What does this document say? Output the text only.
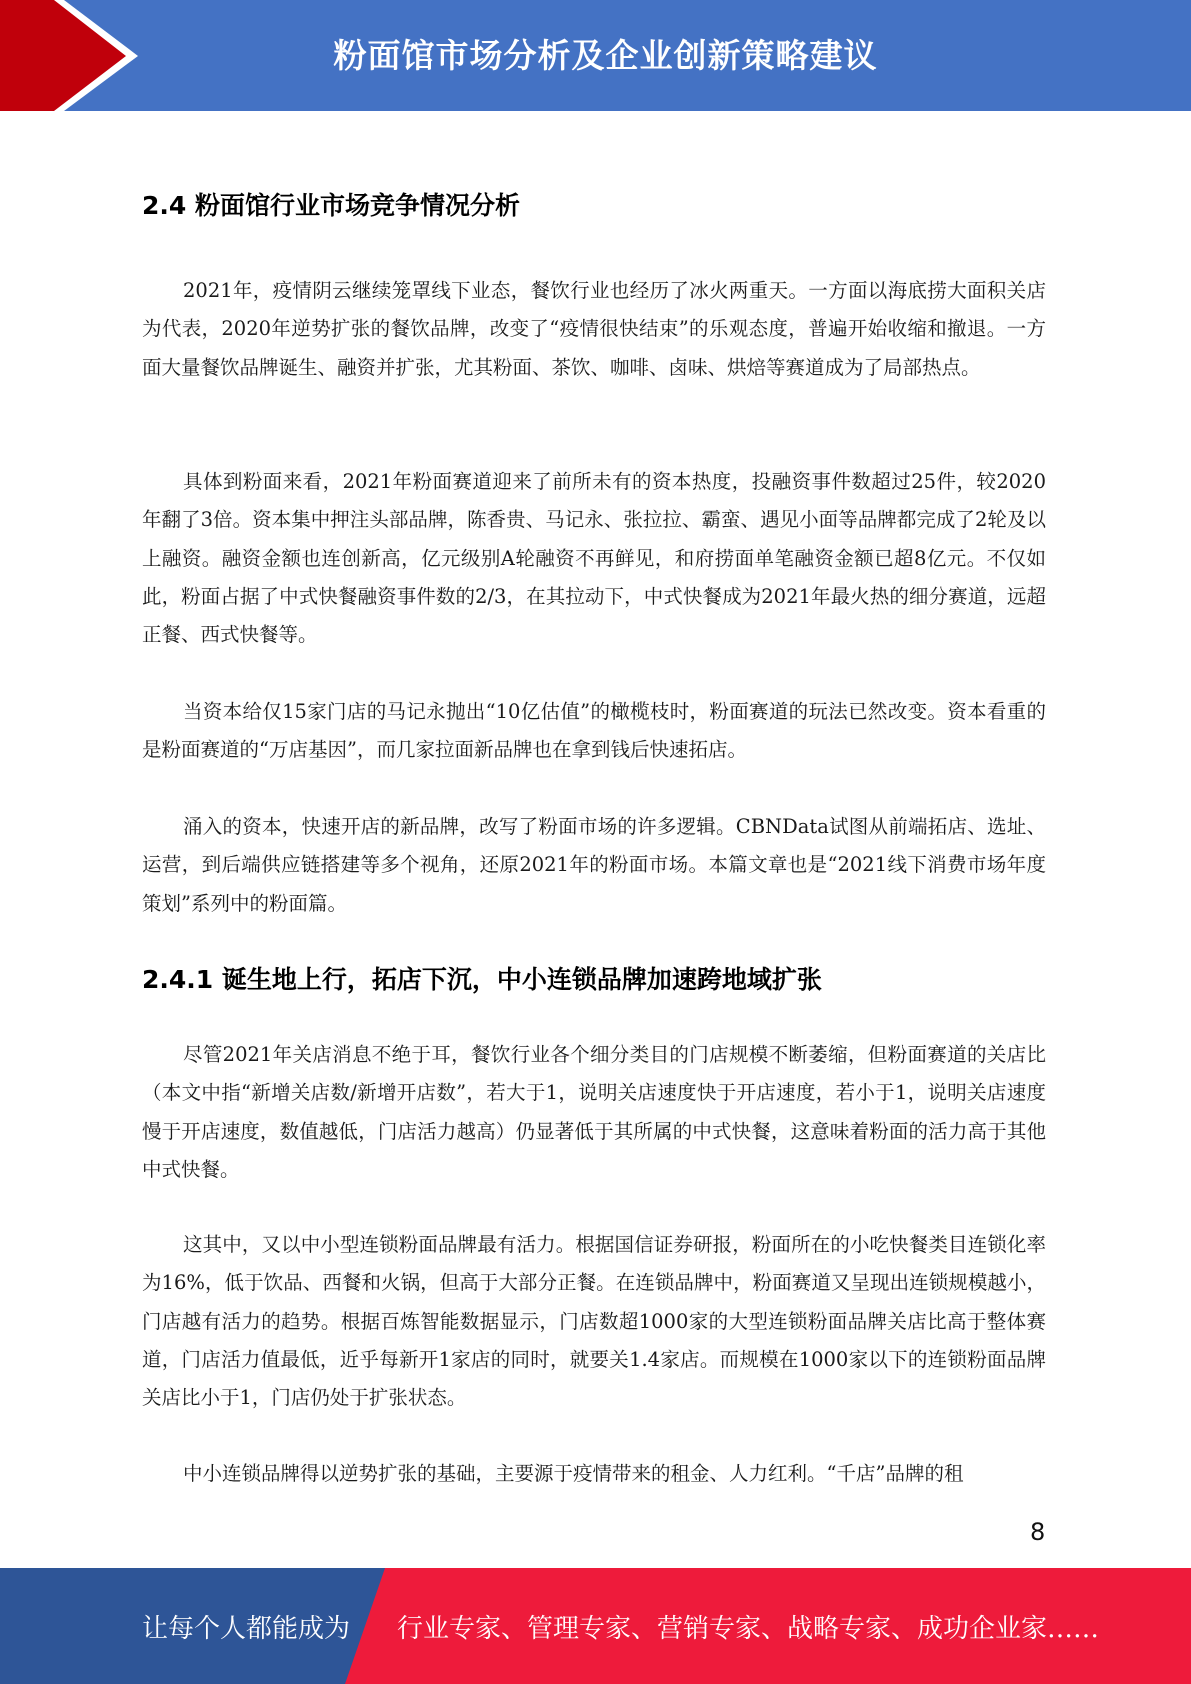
粉面馆市场分析及企业创新策略建议
2.4 粉面馆行业市场竞争情况分析

2021年，疫情阴云继续笼罩线下业态，餐饮行业也经历了冰火两重天。一方面以海底捞大面积关店为代表，2020年逆势扩张的餐饮品牌，改变了“疫情很快结束”的乐观态度，普遍开始收缩和撤退。一方面大量餐饮品牌诞生、融资并扩张，尤其粉面、茶饮、咖啡、卤味、烘焙等赛道成为了局部热点。

具体到粉面来看，2021年粉面赛道迎来了前所未有的资本热度，投融资事件数超过25件，较2020年翻了3倍。资本集中押注头部品牌，陈香贵、马记永、张拉拉、霸蛮、遇见小面等品牌都完成了2轮及以上融资。融资金额也连创新高，亿元级别A轮融资不再鲜见，和府捞面单笔融资金额已超8亿元。不仅如此，粉面占据了中式快餐融资事件数的2/3，在其拉动下，中式快餐成为2021年最火热的细分赛道，远超正餐、西式快餐等。

当资本给仅15家门店的马记永抛出“10亿估值”的橄榄枝时，粉面赛道的玩法已然改变。资本看重的是粉面赛道的“万店基因”，而几家拉面新品牌也在拿到钱后快速拓店。

涌入的资本，快速开店的新品牌，改写了粉面市场的许多逻辑。CBNData试图从前端拓店、选址、运营，到后端供应链搭建等多个视角，还原2021年的粉面市场。本篇文章也是“2021线下消费市场年度策划”系列中的粉面篇。

2.4.1 诞生地上行，拓店下沉，中小连锁品牌加速跨地域扩张

尽管2021年关店消息不绝于耳，餐饮行业各个细分类目的门店规模不断萎缩，但粉面赛道的关店比（本文中指“新增关店数/新增开店数”，若大于1，说明关店速度快于开店速度，若小于1，说明关店速度慢于开店速度，数值越低，门店活力越高）仍显著低于其所属的中式快餐，这意味着粉面的活力高于其他中式快餐。

这其中，又以中小型连锁粉面品牌最有活力。根据国信证券研报，粉面所在的小吃快餐类目连锁化率为16%，低于饮品、西餐和火锅，但高于大部分正餐。在连锁品牌中，粉面赛道又呈现出连锁规模越小，门店越有活力的趋势。根据百炼智能数据显示，门店数超1000家的大型连锁粉面品牌关店比高于整体赛道，门店活力值最低，近乎每新开1家店的同时，就要关1.4家店。而规模在1000家以下的连锁粉面品牌关店比小于1，门店仍处于扩张状态。

中小连锁品牌得以逆势扩张的基础，主要源于疫情带来的租金、人力红利。“千店”品牌的租

8
让每个人都能成为 行业专家、管理专家、营销专家、战略专家、成功企业家……
